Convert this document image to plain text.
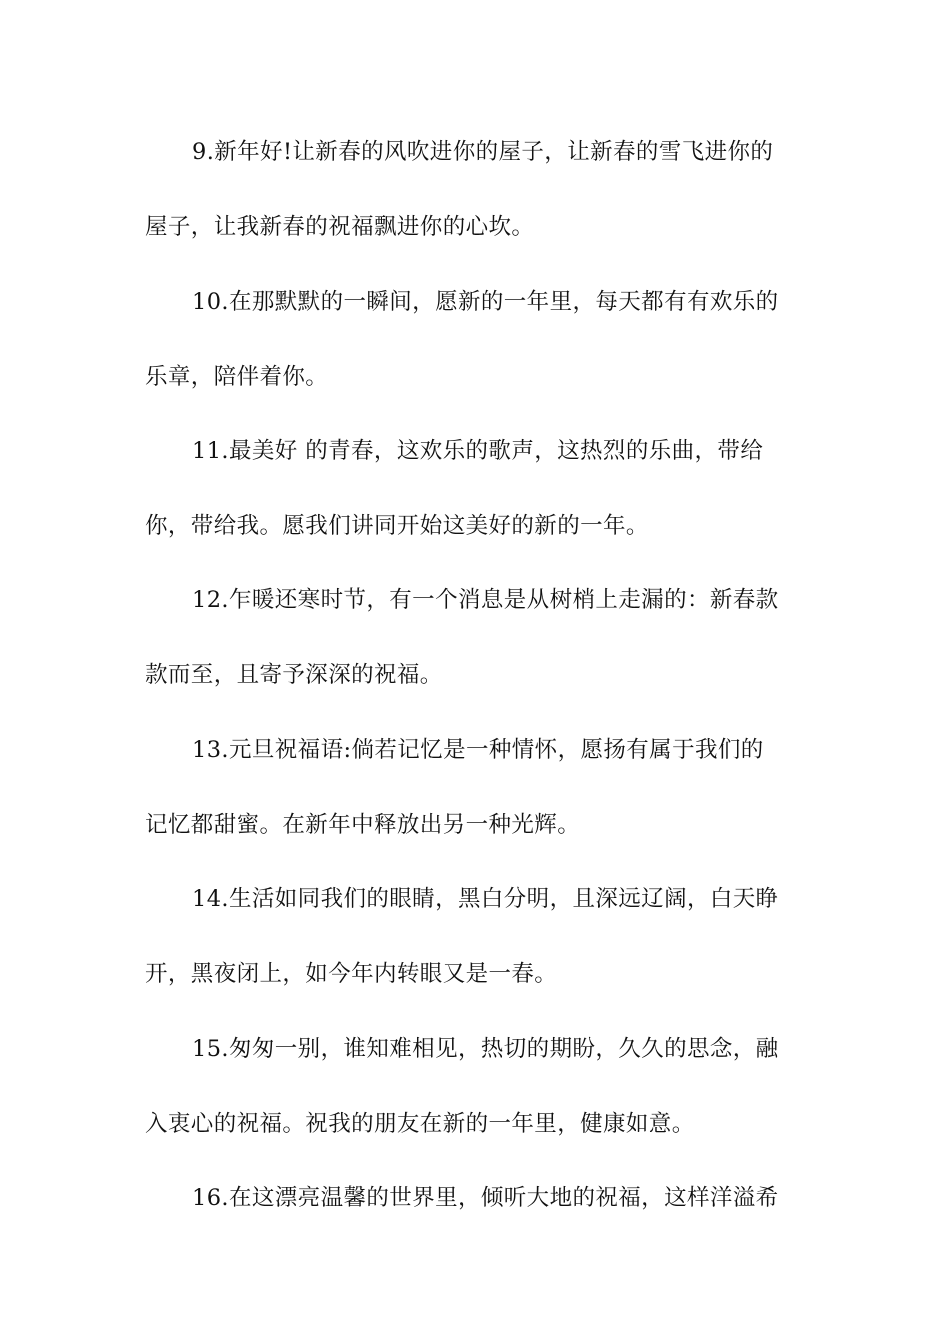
9.新年好!让新春的风吹进你的屋子，让新春的雪飞进你的
屋子，让我新春的祝福飘进你的心坎。
10.在那默默的一瞬间，愿新的一年里，每天都有有欢乐的
乐章，陪伴着你。
11.最美好 的青春，这欢乐的歌声，这热烈的乐曲，带给
你，带给我。愿我们讲同开始这美好的新的一年。
12.乍暖还寒时节，有一个消息是从树梢上走漏的：新春款
款而至，且寄予深深的祝福。
13.元旦祝福语:倘若记忆是一种情怀，愿扬有属于我们的
记忆都甜蜜。在新年中释放出另一种光辉。
14.生活如同我们的眼睛，黑白分明，且深远辽阔，白天睁
开，黑夜闭上，如今年内转眼又是一春。
15.匆匆一别，谁知难相见，热切的期盼，久久的思念，融
入衷心的祝福。祝我的朋友在新的一年里，健康如意。
16.在这漂亮温馨的世界里，倾听大地的祝福，这样洋溢希
